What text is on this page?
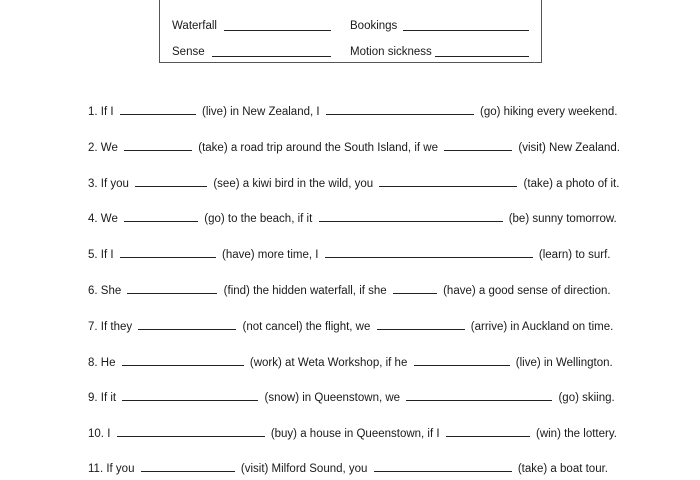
Waterfall	Bookings
Sense	Motion sickness
1. If I	(live) in New Zealand, I	(go) hiking every weekend.
2. We	(take) a road trip around the South Island, if we	(visit) New Zealand.
3. If you	(see) a kiwi bird in the wild, you	(take) a photo of it.
4. We	(go) to the beach, if it	(be) sunny tomorrow.
5. If I	(have) more time, I	(learn) to surf.
6. She	(find) the hidden waterfall, if she	(have) a good sense of direction.
7. If they	(not cancel) the flight, we	(arrive) in Auckland on time.
8. He	(work) at Weta Workshop, if he	(live) in Wellington.
9. If it	(snow) in Queenstown, we	(go) skiing.
10. I	(buy) a house in Queenstown, if I	(win) the lottery.
11. If you	(visit) Milford Sound, you	(take) a boat tour.
